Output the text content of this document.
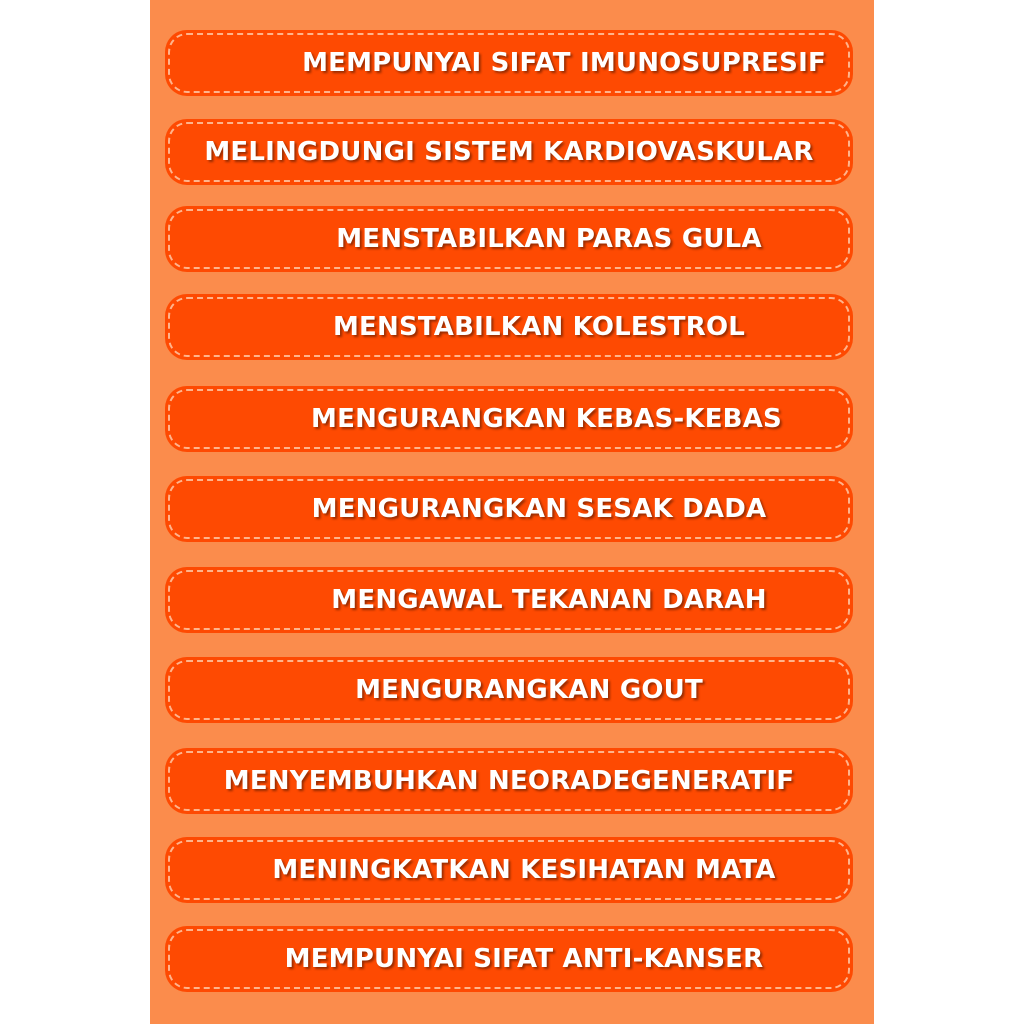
MEMPUNYAI SIFAT IMUNOSUPRESIF
MELINGDUNGI SISTEM KARDIOVASKULAR
MENSTABILKAN PARAS GULA
MENSTABILKAN KOLESTROL
MENGURANGKAN KEBAS-KEBAS
MENGURANGKAN SESAK DADA
MENGAWAL TEKANAN DARAH
MENGURANGKAN GOUT
MENYEMBUHKAN NEORADEGENERATIF
MENINGKATKAN KESIHATAN MATA
MEMPUNYAI SIFAT ANTI-KANSER
